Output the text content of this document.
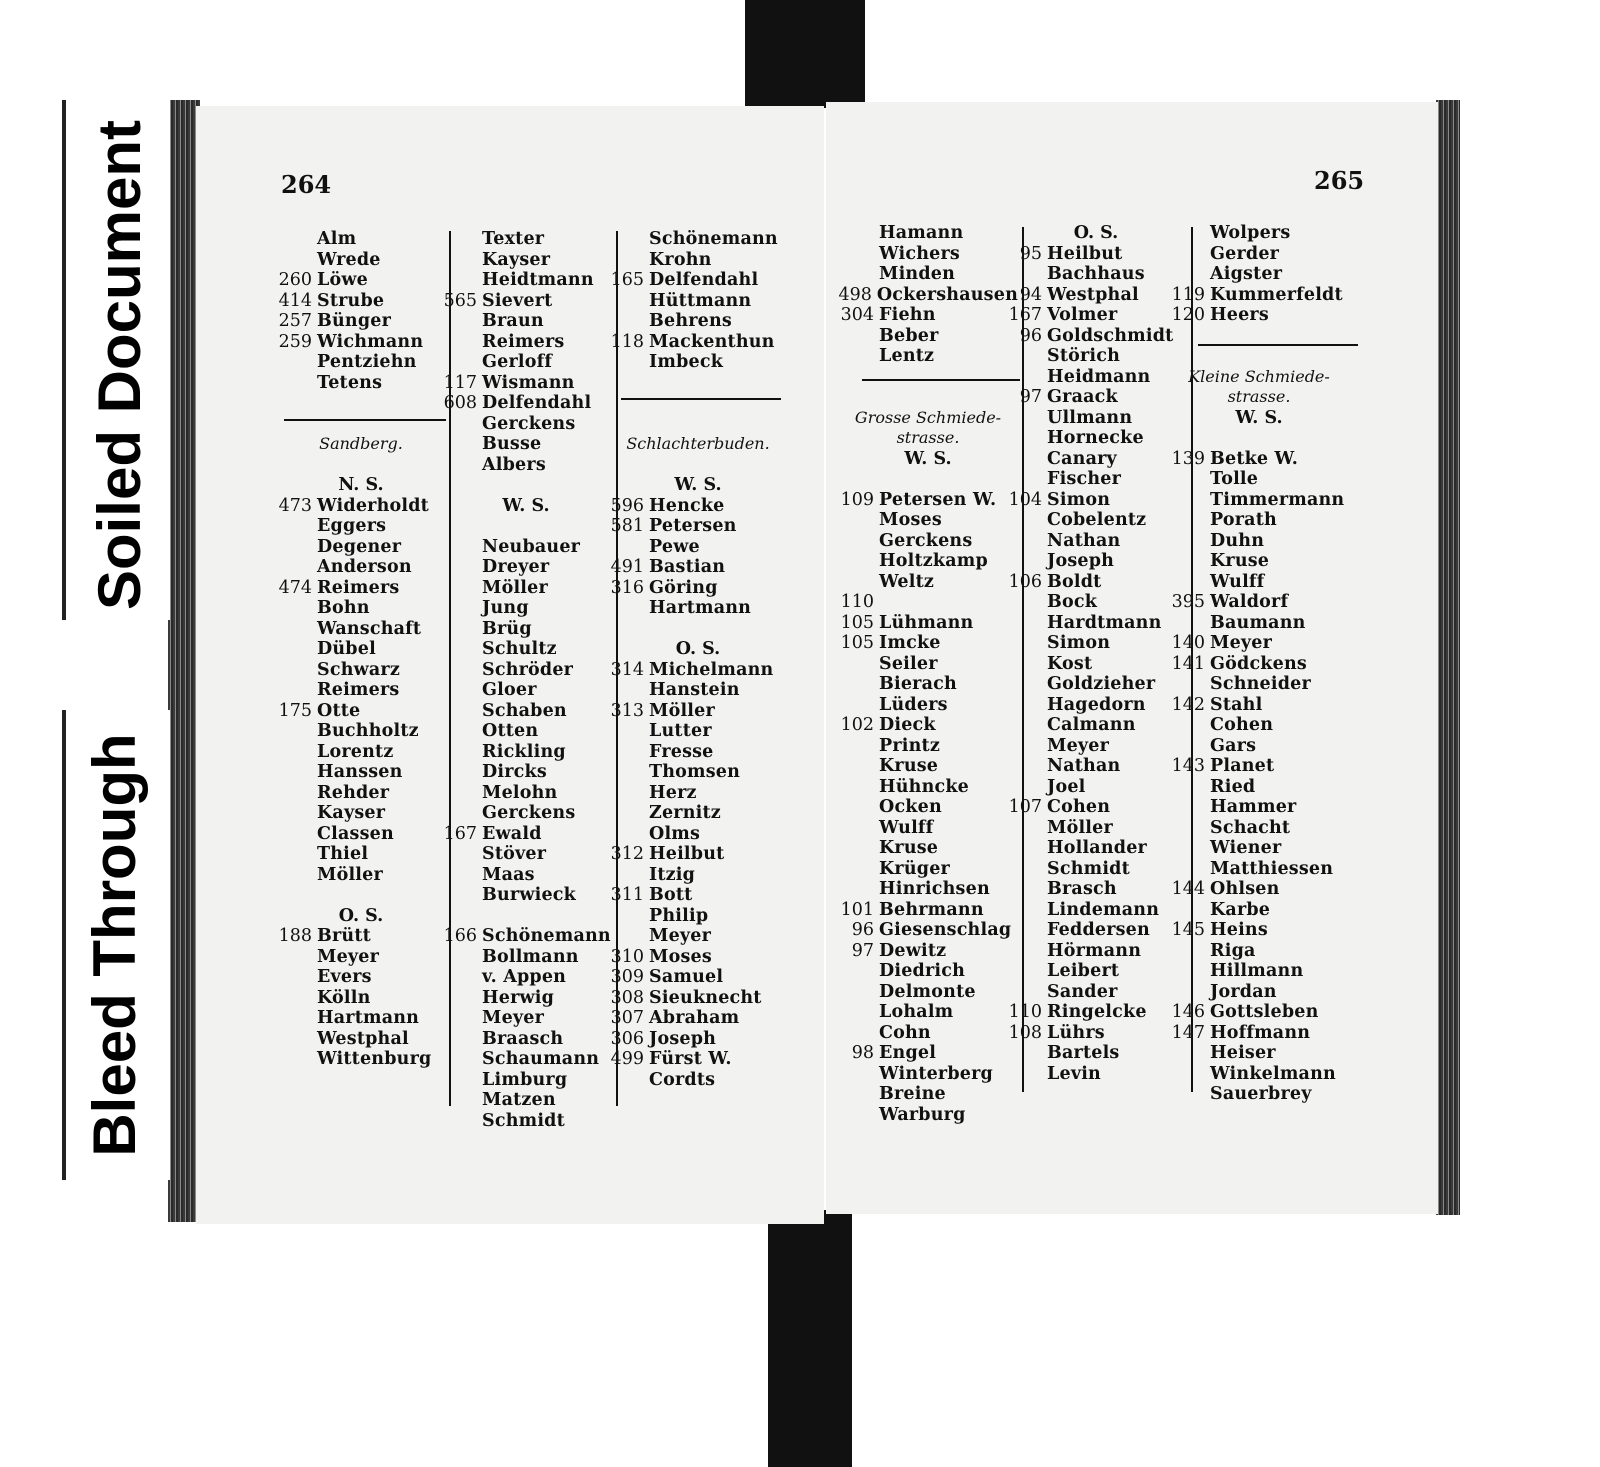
264
Alm
Wrede
260 Löwe
414 Strube
257 Bünger
259 Wichmann
Pentziehn
Tetens
Sandberg.
N. S.
473 Widerholdt
Eggers
Degener
Anderson
474 Reimers
Bohn
Wanschaft
Dübel
Schwarz
Reimers
175 Otte
Buchholtz
Lorentz
Hanssen
Rehder
Kayser
Classen
Thiel
Möller
O. S.
188 Brütt
Meyer
Evers
Kölln
Hartmann
Westphal
Wittenburg
Texter
Kayser
Heidtmann
565 Sievert
Braun
Reimers
Gerloff
117 Wismann
608 Delfendahl
Gerckens
Busse
Albers
W. S.
Neubauer
Dreyer
Möller
Jung
Brüg
Schultz
Schröder
Gloer
Schaben
Otten
Rickling
Dircks
Melohn
Gerckens
167 Ewald
Stöver
Maas
Burwieck
166 Schönemann
Bollmann
v. Appen
Herwig
Meyer
Braasch
Schaumann
Limburg
Matzen
Schmidt
Schönemann
Krohn
165 Delfendahl
Hüttmann
Behrens
118 Mackenthun
Imbeck
Schlachterbuden.
W. S.
596 Hencke
581 Petersen
Pewe
491 Bastian
316 Göring
Hartmann
O. S.
314 Michelmann
Hanstein
313 Möller
Lutter
Fresse
Thomsen
Herz
Zernitz
Olms
312 Heilbut
Itzig
311 Bott
Philip
Meyer
310 Moses
309 Samuel
308 Sieuknecht
307 Abraham
306 Joseph
499 Fürst W.
Cordts
265
Hamann
Wichers
Minden
498 Ockershausen
304 Fiehn
Beber
Lentz
Grosse Schmiede-
strasse.
W. S.
109 Petersen W.
Moses
Gerckens
Holtzkamp
Weltz
110
105 Lühmann
105 Imcke
Seiler
Bierach
Lüders
102 Dieck
Printz
Kruse
Hühncke
Ocken
Wulff
Kruse
Krüger
Hinrichsen
101 Behrmann
96 Giesenschlag
97 Dewitz
Diedrich
Delmonte
Lohalm
Cohn
98 Engel
Winterberg
Breine
Warburg
O. S.
95 Heilbut
Bachhaus
94 Westphal
167 Volmer
96 Goldschmidt
Störich
Heidmann
97 Graack
Ullmann
Hornecke
Canary
Fischer
104 Simon
Cobelentz
Nathan
Joseph
106 Boldt
Bock
Hardtmann
Simon
Kost
Goldzieher
Hagedorn
Calmann
Meyer
Nathan
Joel
107 Cohen
Möller
Hollander
Schmidt
Brasch
Lindemann
Feddersen
Hörmann
Leibert
Sander
110 Ringelcke
108 Lührs
Bartels
Levin
Wolpers
Gerder
Aigster
119 Kummerfeldt
120 Heers
Kleine Schmiede-
strasse.
W. S.
139 Betke W.
Tolle
Timmermann
Porath
Duhn
Kruse
Wulff
395 Waldorf
Baumann
140 Meyer
141 Gödckens
Schneider
142 Stahl
Cohen
Gars
143 Planet
Ried
Hammer
Schacht
Wiener
Matthiessen
144 Ohlsen
Karbe
145 Heins
Riga
Hillmann
Jordan
146 Gottsleben
147 Hoffmann
Heiser
Winkelmann
Sauerbrey
Soiled Document
Bleed Through
